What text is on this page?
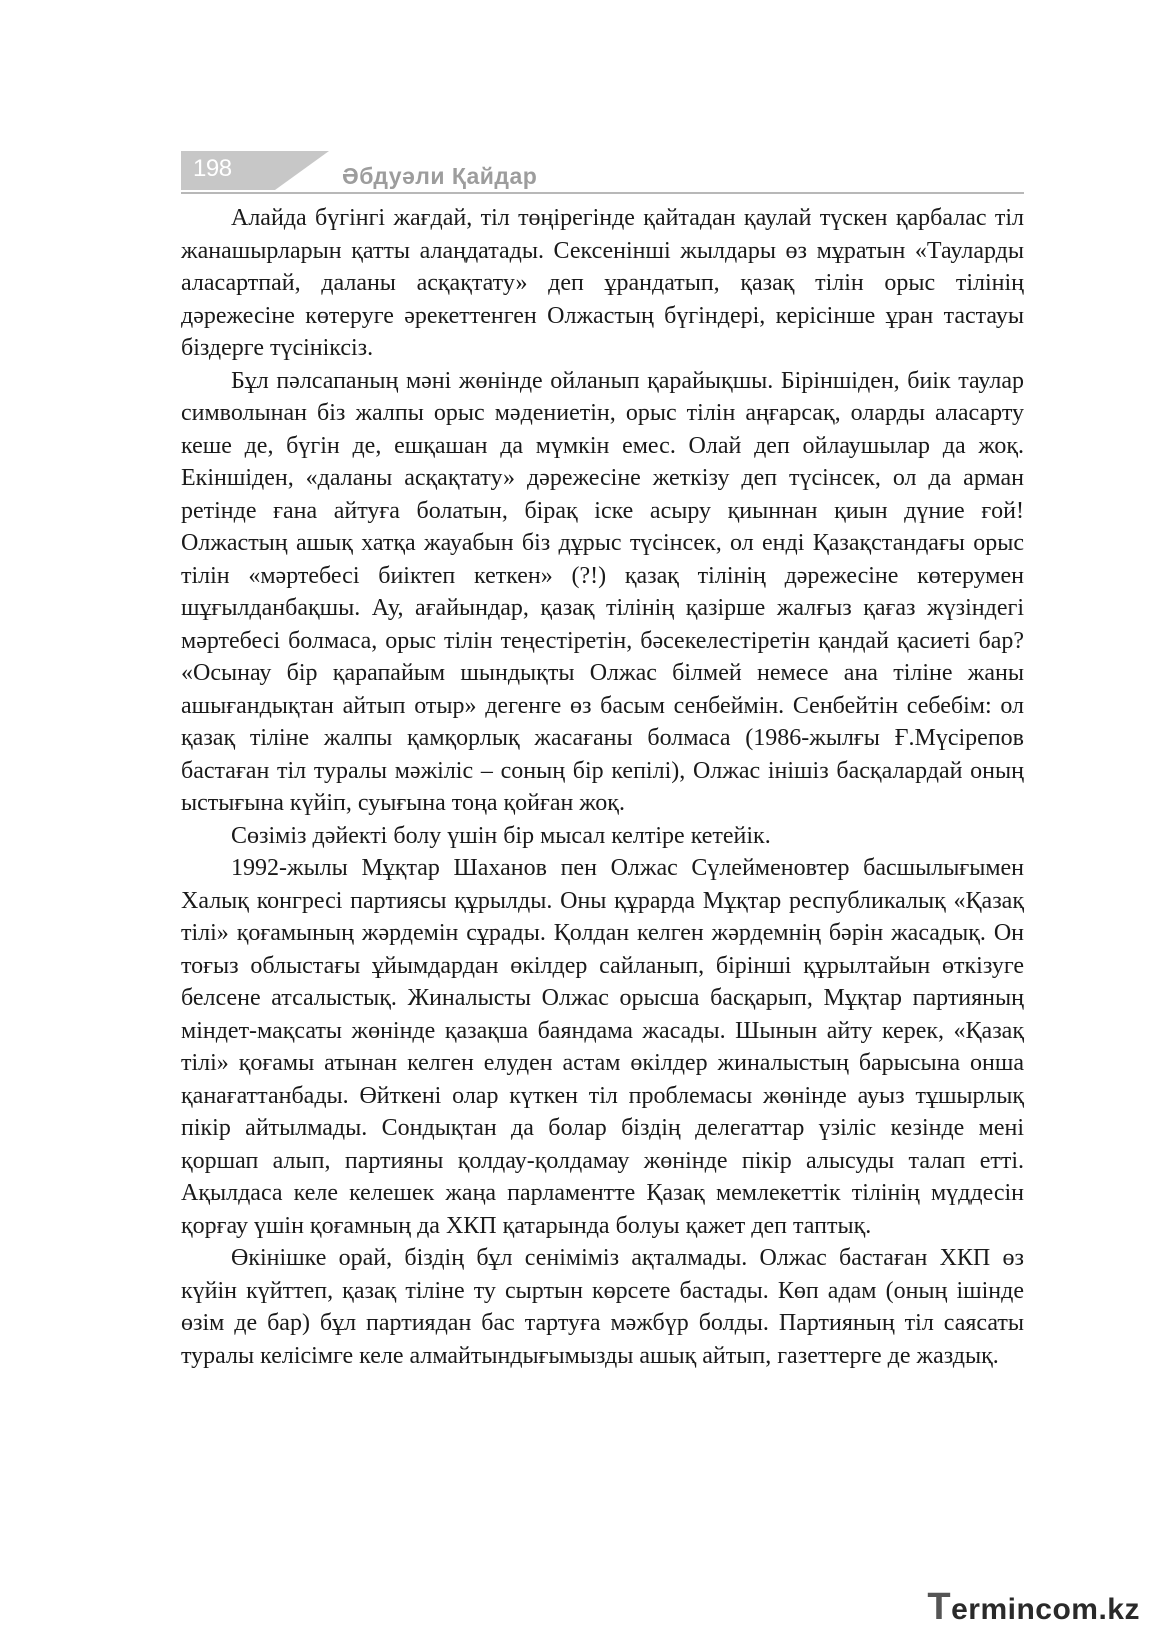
198	Әбдуәли Қайдар

Алайда бүгінгі жағдай, тіл төңірегінде қайтадан қаулай түскен қарбалас тіл жанашырларын қатты алаңдатады. Сексенінші жылдары өз мұратын «Тауларды аласартпай, даланы асқақтату» деп ұрандатып, қазақ тілін орыс тілінің дәрежесіне көтеруге әрекеттенген Олжастың бүгіндері, керісінше ұран тастауы біздерге түсініксіз.

Бұл пәлсапаның мәні жөнінде ойланып қарайықшы. Біріншіден, биік таулар символынан біз жалпы орыс мәдениетін, орыс тілін аңғарсақ, оларды аласарту кеше де, бүгін де, ешқашан да мүмкін емес. Олай деп ойлаушылар да жоқ. Екіншіден, «даланы асқақтату» дәрежесіне жеткізу деп түсінсек, ол да арман ретінде ғана айтуға болатын, бірақ іске асыру қиыннан қиын дүние ғой! Олжастың ашық хатқа жауабын біз дұрыс түсінсек, ол енді Қазақстандағы орыс тілін «мәртебесі биіктеп кеткен» (?!) қазақ тілінің дәрежесіне көтерумен шұғылданбақшы. Ау, ағайындар, қазақ тілінің қазірше жалғыз қағаз жүзіндегі мәртебесі болмаса, орыс тілін теңестіретін, бәсекелестіретін қандай қасиеті бар? «Осынау бір қарапайым шындықты Олжас білмей немесе ана тіліне жаны ашығандықтан айтып отыр» дегенге өз басым сенбеймін. Сенбейтін себебім: ол қазақ тіліне жалпы қамқорлық жасағаны болмаса (1986-жылғы Ғ.Мүсірепов бастаған тіл туралы мәжіліс – соның бір кепілі), Олжас інішіз басқалардай оның ыстығына күйіп, суығына тоңа қойған жоқ.

Сөзіміз дәйекті болу үшін бір мысал келтіре кетейік.

1992-жылы Мұқтар Шаханов пен Олжас Сүлейменовтер басшылығымен Халық конгресі партиясы құрылды. Оны құрарда Мұқтар республикалық «Қазақ тілі» қоғамының жәрдемін сұрады. Қолдан келген жәрдемнің бәрін жасадық. Он тоғыз облыстағы ұйымдардан өкілдер сайланып, бірінші құрылтайын өткізуге белсене атсалыстық. Жиналысты Олжас орысша басқарып, Мұқтар партияның міндет-мақсаты жөнінде қазақша баяндама жасады. Шынын айту керек, «Қазақ тілі» қоғамы атынан келген елуден астам өкілдер жиналыстың барысына онша қанағаттанбады. Өйткені олар күткен тіл проблемасы жөнінде ауыз тұшырлық пікір айтылмады. Сондықтан да болар біздің делегаттар үзіліс кезінде мені қоршап алып, партияны қолдау-қолдамау жөнінде пікір алысуды талап етті. Ақылдаса келе келешек жаңа парламентте Қазақ мемлекеттік тілінің мүддесін қорғау үшін қоғамның да ХКП қатарында болуы қажет деп таптық.

Өкінішке орай, біздің бұл сеніміміз ақталмады. Олжас бастаған ХКП өз күйін күйттеп, қазақ тіліне ту сыртын көрсете бастады. Көп адам (оның ішінде өзім де бар) бұл партиядан бас тартуға мәжбүр болды. Партияның тіл саясаты туралы келісімге келе алмайтындығымызды ашық айтып, газеттерге де жаздық.

Termincom.kz
